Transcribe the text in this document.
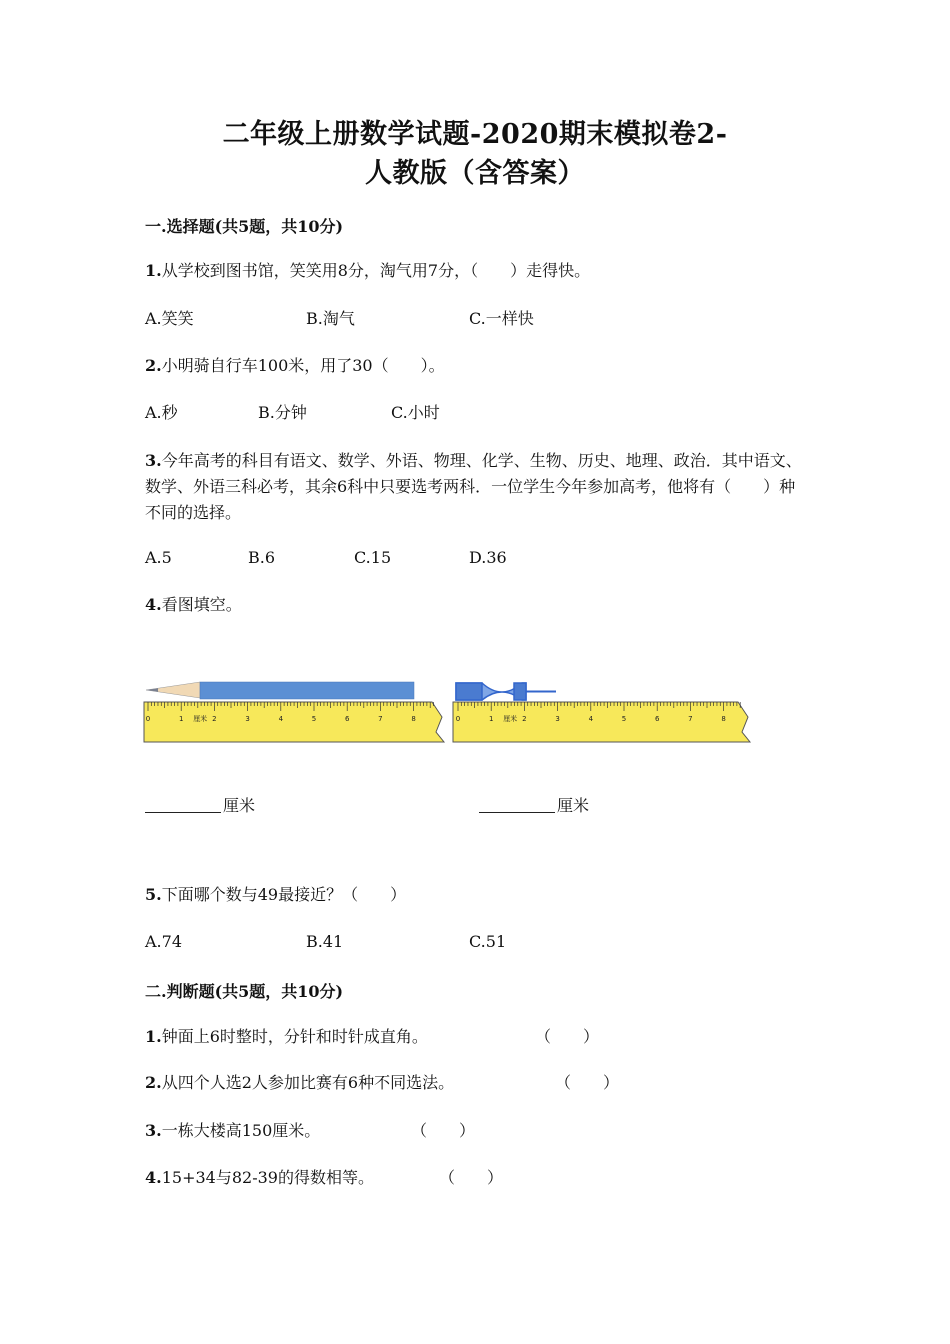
二年级上册数学试题-2020期末模拟卷2-
人教版（含答案）
一.选择题(共5题，共10分)
1.从学校到图书馆，笑笑用8分，淘气用7分，（　　）走得快。
A.笑笑	B.淘气	C.一样快
2.小明骑自行车100米，用了30（　　）。
A.秒	B.分钟	C.小时
3.今年高考的科目有语文、数学、外语、物理、化学、生物、历史、地理、政治．其中语文、数学、外语三科必考，其余6科中只要选考两科．一位学生今年参加高考，他将有（　　）种不同的选择。
A.5	B.6	C.15	D.36
4.看图填空。
0	1	2	3	4	5	6	7	8
厘米	0	1	2	3	4	5	6	7	8
厘米
厘米	厘米
5.下面哪个数与49最接近？（　　）
A.74	B.41	C.51
二.判断题(共5题，共10分)
1.钟面上6时整时，分针和时针成直角。	（　　）
2.从四个人选2人参加比赛有6种不同选法。	（　　）
3.一栋大楼高150厘米。	（　　）
4.15+34与82-39的得数相等。	（　　）
